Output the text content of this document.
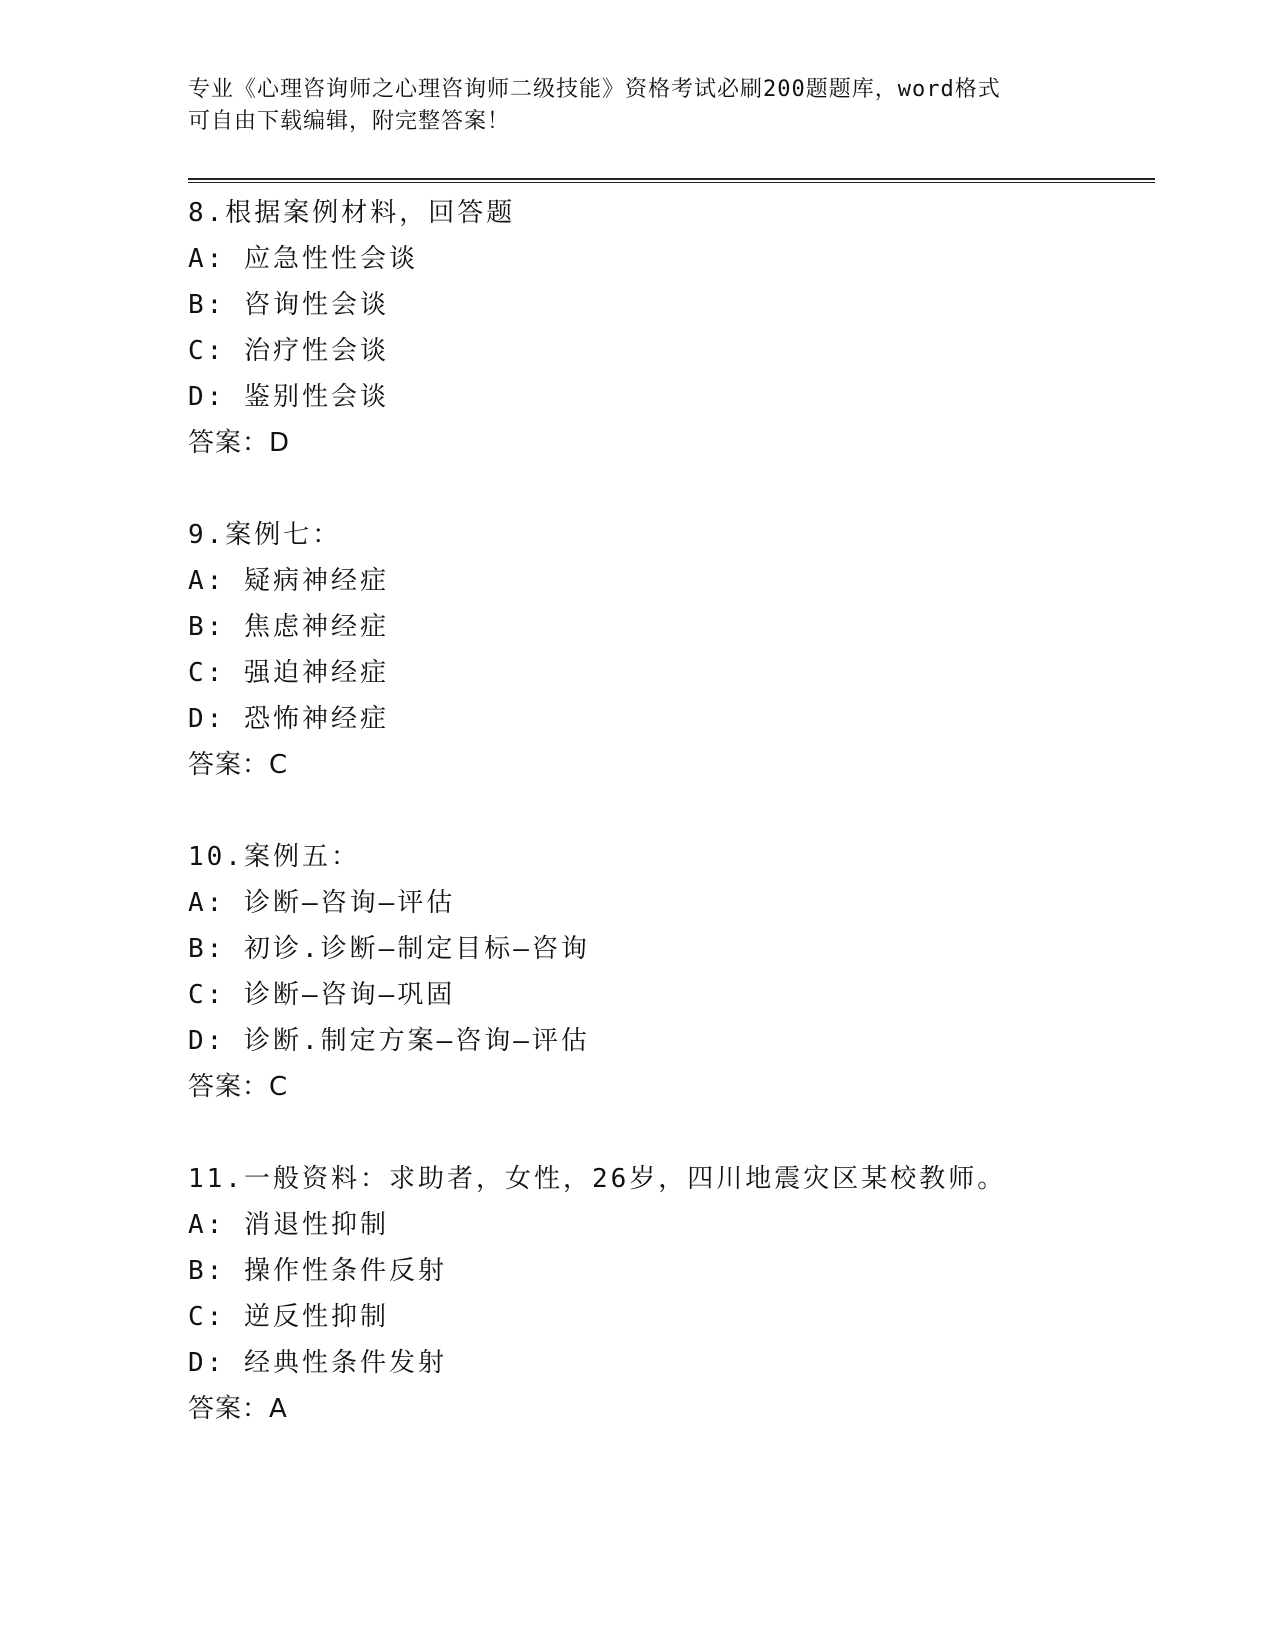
专业《心理咨询师之心理咨询师二级技能》资格考试必刷200题题库，word格式
可自由下载编辑，附完整答案！
8.根据案例材料，回答题
A: 应急性性会谈
B: 咨询性会谈
C: 治疗性会谈
D: 鉴别性会谈
答案：D
9.案例七：
A: 疑病神经症
B: 焦虑神经症
C: 强迫神经症
D: 恐怖神经症
答案：C
10.案例五：
A: 诊断—咨询—评估
B: 初诊.诊断—制定目标—咨询
C: 诊断—咨询—巩固
D: 诊断.制定方案—咨询—评估
答案：C
11.一般资料：求助者，女性，26岁，四川地震灾区某校教师。
A: 消退性抑制
B: 操作性条件反射
C: 逆反性抑制
D: 经典性条件发射
答案：A
